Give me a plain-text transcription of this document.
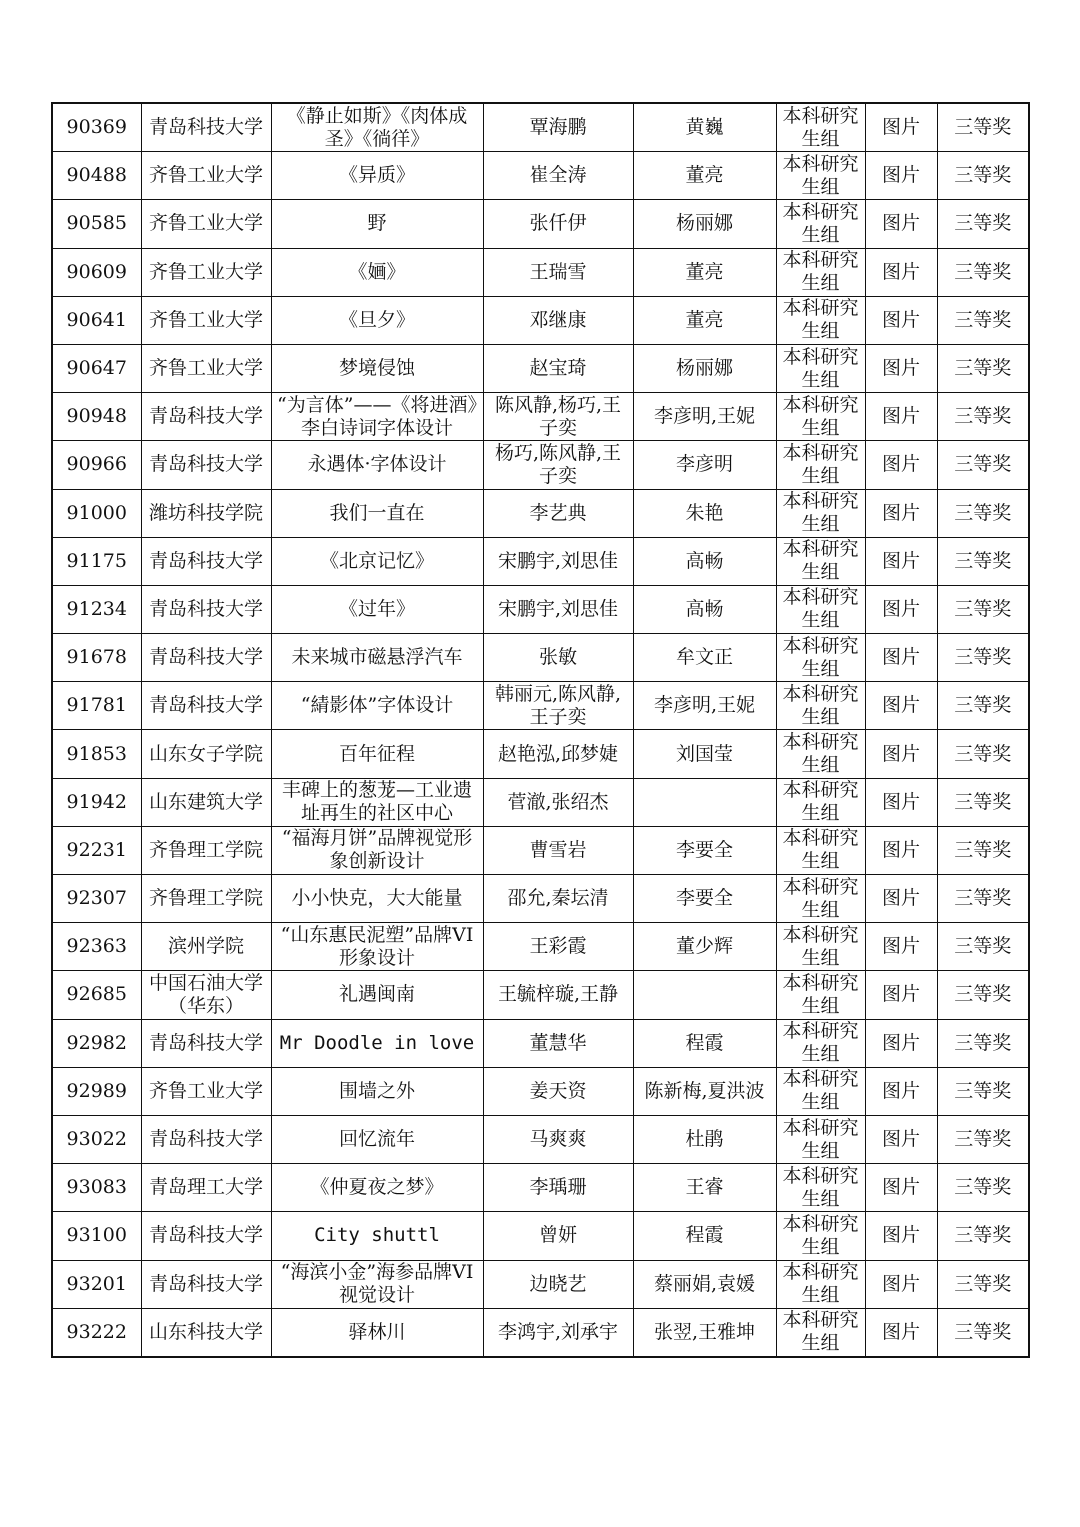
90369	青岛科技大学	《静止如斯》《肉体成圣》《徜徉》	覃海鹏	黄巍	本科研究生组	图片	三等奖
90488	齐鲁工业大学	《异质》	崔全涛	董亮	本科研究生组	图片	三等奖
90585	齐鲁工业大学	野	张仟伊	杨丽娜	本科研究生组	图片	三等奖
90609	齐鲁工业大学	《婳》	王瑞雪	董亮	本科研究生组	图片	三等奖
90641	齐鲁工业大学	《旦夕》	邓继康	董亮	本科研究生组	图片	三等奖
90647	齐鲁工业大学	梦境侵蚀	赵宝琦	杨丽娜	本科研究生组	图片	三等奖
90948	青岛科技大学	“为言体”——《将进酒》李白诗词字体设计	陈风静,杨巧,王子奕	李彦明,王妮	本科研究生组	图片	三等奖
90966	青岛科技大学	永遇体·字体设计	杨巧,陈风静,王子奕	李彦明	本科研究生组	图片	三等奖
91000	潍坊科技学院	我们一直在	李艺典	朱艳	本科研究生组	图片	三等奖
91175	青岛科技大学	《北京记忆》	宋鹏宇,刘思佳	高畅	本科研究生组	图片	三等奖
91234	青岛科技大学	《过年》	宋鹏宇,刘思佳	高畅	本科研究生组	图片	三等奖
91678	青岛科技大学	未来城市磁悬浮汽车	张敏	牟文正	本科研究生组	图片	三等奖
91781	青岛科技大学	“綪影体”字体设计	韩丽元,陈风静,王子奕	李彦明,王妮	本科研究生组	图片	三等奖
91853	山东女子学院	百年征程	赵艳泓,邱梦婕	刘国莹	本科研究生组	图片	三等奖
91942	山东建筑大学	丰碑上的葱茏—工业遗址再生的社区中心	菅澈,张绍杰		本科研究生组	图片	三等奖
92231	齐鲁理工学院	“福海月饼”品牌视觉形象创新设计	曹雪岩	李要全	本科研究生组	图片	三等奖
92307	齐鲁理工学院	小小快克，大大能量	邵允,秦坛清	李要全	本科研究生组	图片	三等奖
92363	滨州学院	“山东惠民泥塑”品牌VI形象设计	王彩霞	董少辉	本科研究生组	图片	三等奖
92685	中国石油大学（华东）	礼遇闽南	王毓梓璇,王静		本科研究生组	图片	三等奖
92982	青岛科技大学	Mr Doodle in love	董慧华	程霞	本科研究生组	图片	三等奖
92989	齐鲁工业大学	围墙之外	姜天资	陈新梅,夏洪波	本科研究生组	图片	三等奖
93022	青岛科技大学	回忆流年	马爽爽	杜鹃	本科研究生组	图片	三等奖
93083	青岛理工大学	《仲夏夜之梦》	李瑀珊	王睿	本科研究生组	图片	三等奖
93100	青岛科技大学	City shuttl	曾妍	程霞	本科研究生组	图片	三等奖
93201	青岛科技大学	“海滨小金”海参品牌VI视觉设计	边晓艺	蔡丽娟,袁媛	本科研究生组	图片	三等奖
93222	山东科技大学	驿林川	李鸿宇,刘承宇	张翌,王雅坤	本科研究生组	图片	三等奖
